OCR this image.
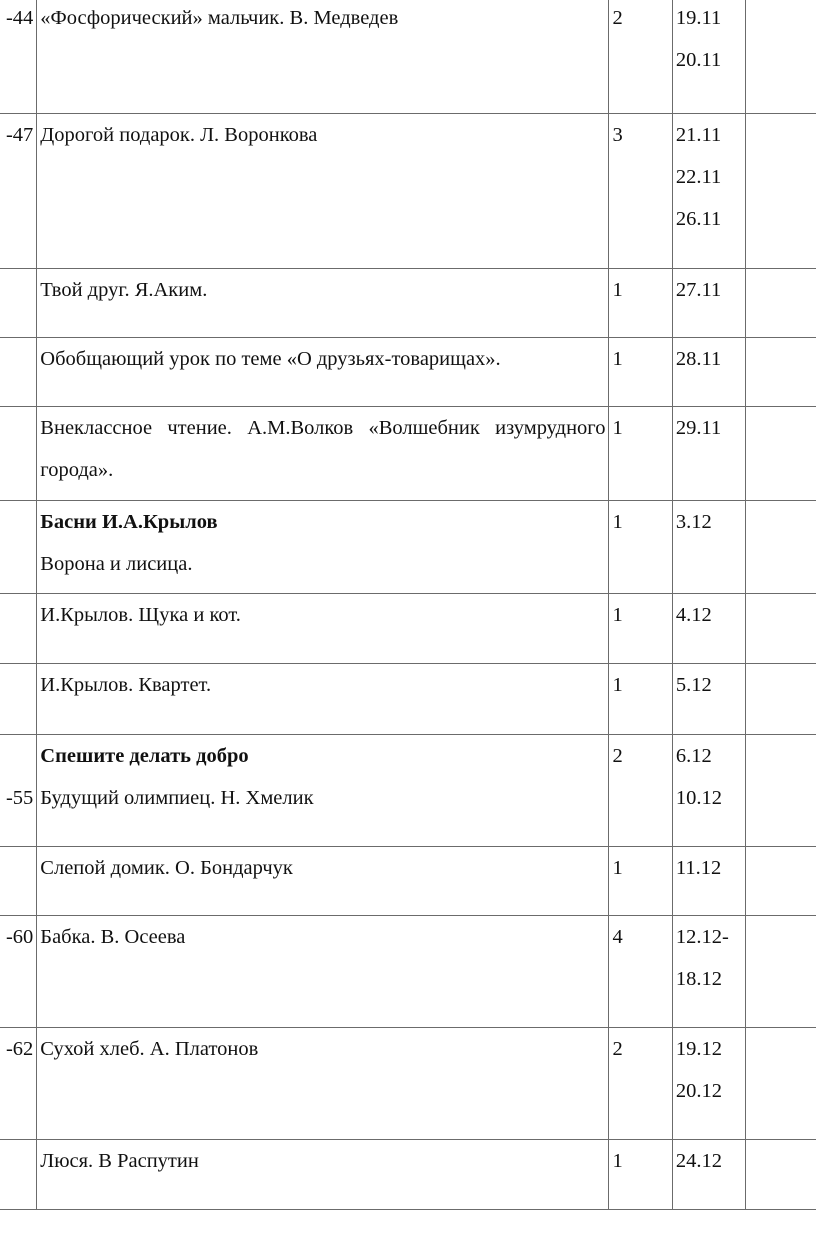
-44	«Фосфорический» мальчик. В. Медведев	2	19.11
20.11	

-47	Дорогой подарок. Л. Воронкова	3	21.11
22.11
26.11	

	Твой друг. Я.Аким.	1	27.11	

	Обобщающий урок по теме «О друзьях-товарищах».	1	28.11	

	Внеклассное чтение. А.М.Волков «Волшебник изумрудного города».	1	29.11	

	Басни И.А.Крылов
Ворона и лисица.	1	3.12	

	И.Крылов. Щука и кот.	1	4.12	

	И.Крылов. Квартет.	1	5.12	

-55	Спешите делать добро
Будущий олимпиец. Н. Хмелик	2	6.12
10.12	

	Слепой домик. О. Бондарчук	1	11.12	

-60	Бабка. В. Осеева	4	12.12-
18.12	

-62	Сухой хлеб. А. Платонов	2	19.12
20.12	

	Люся. В Распутин	1	24.12	
